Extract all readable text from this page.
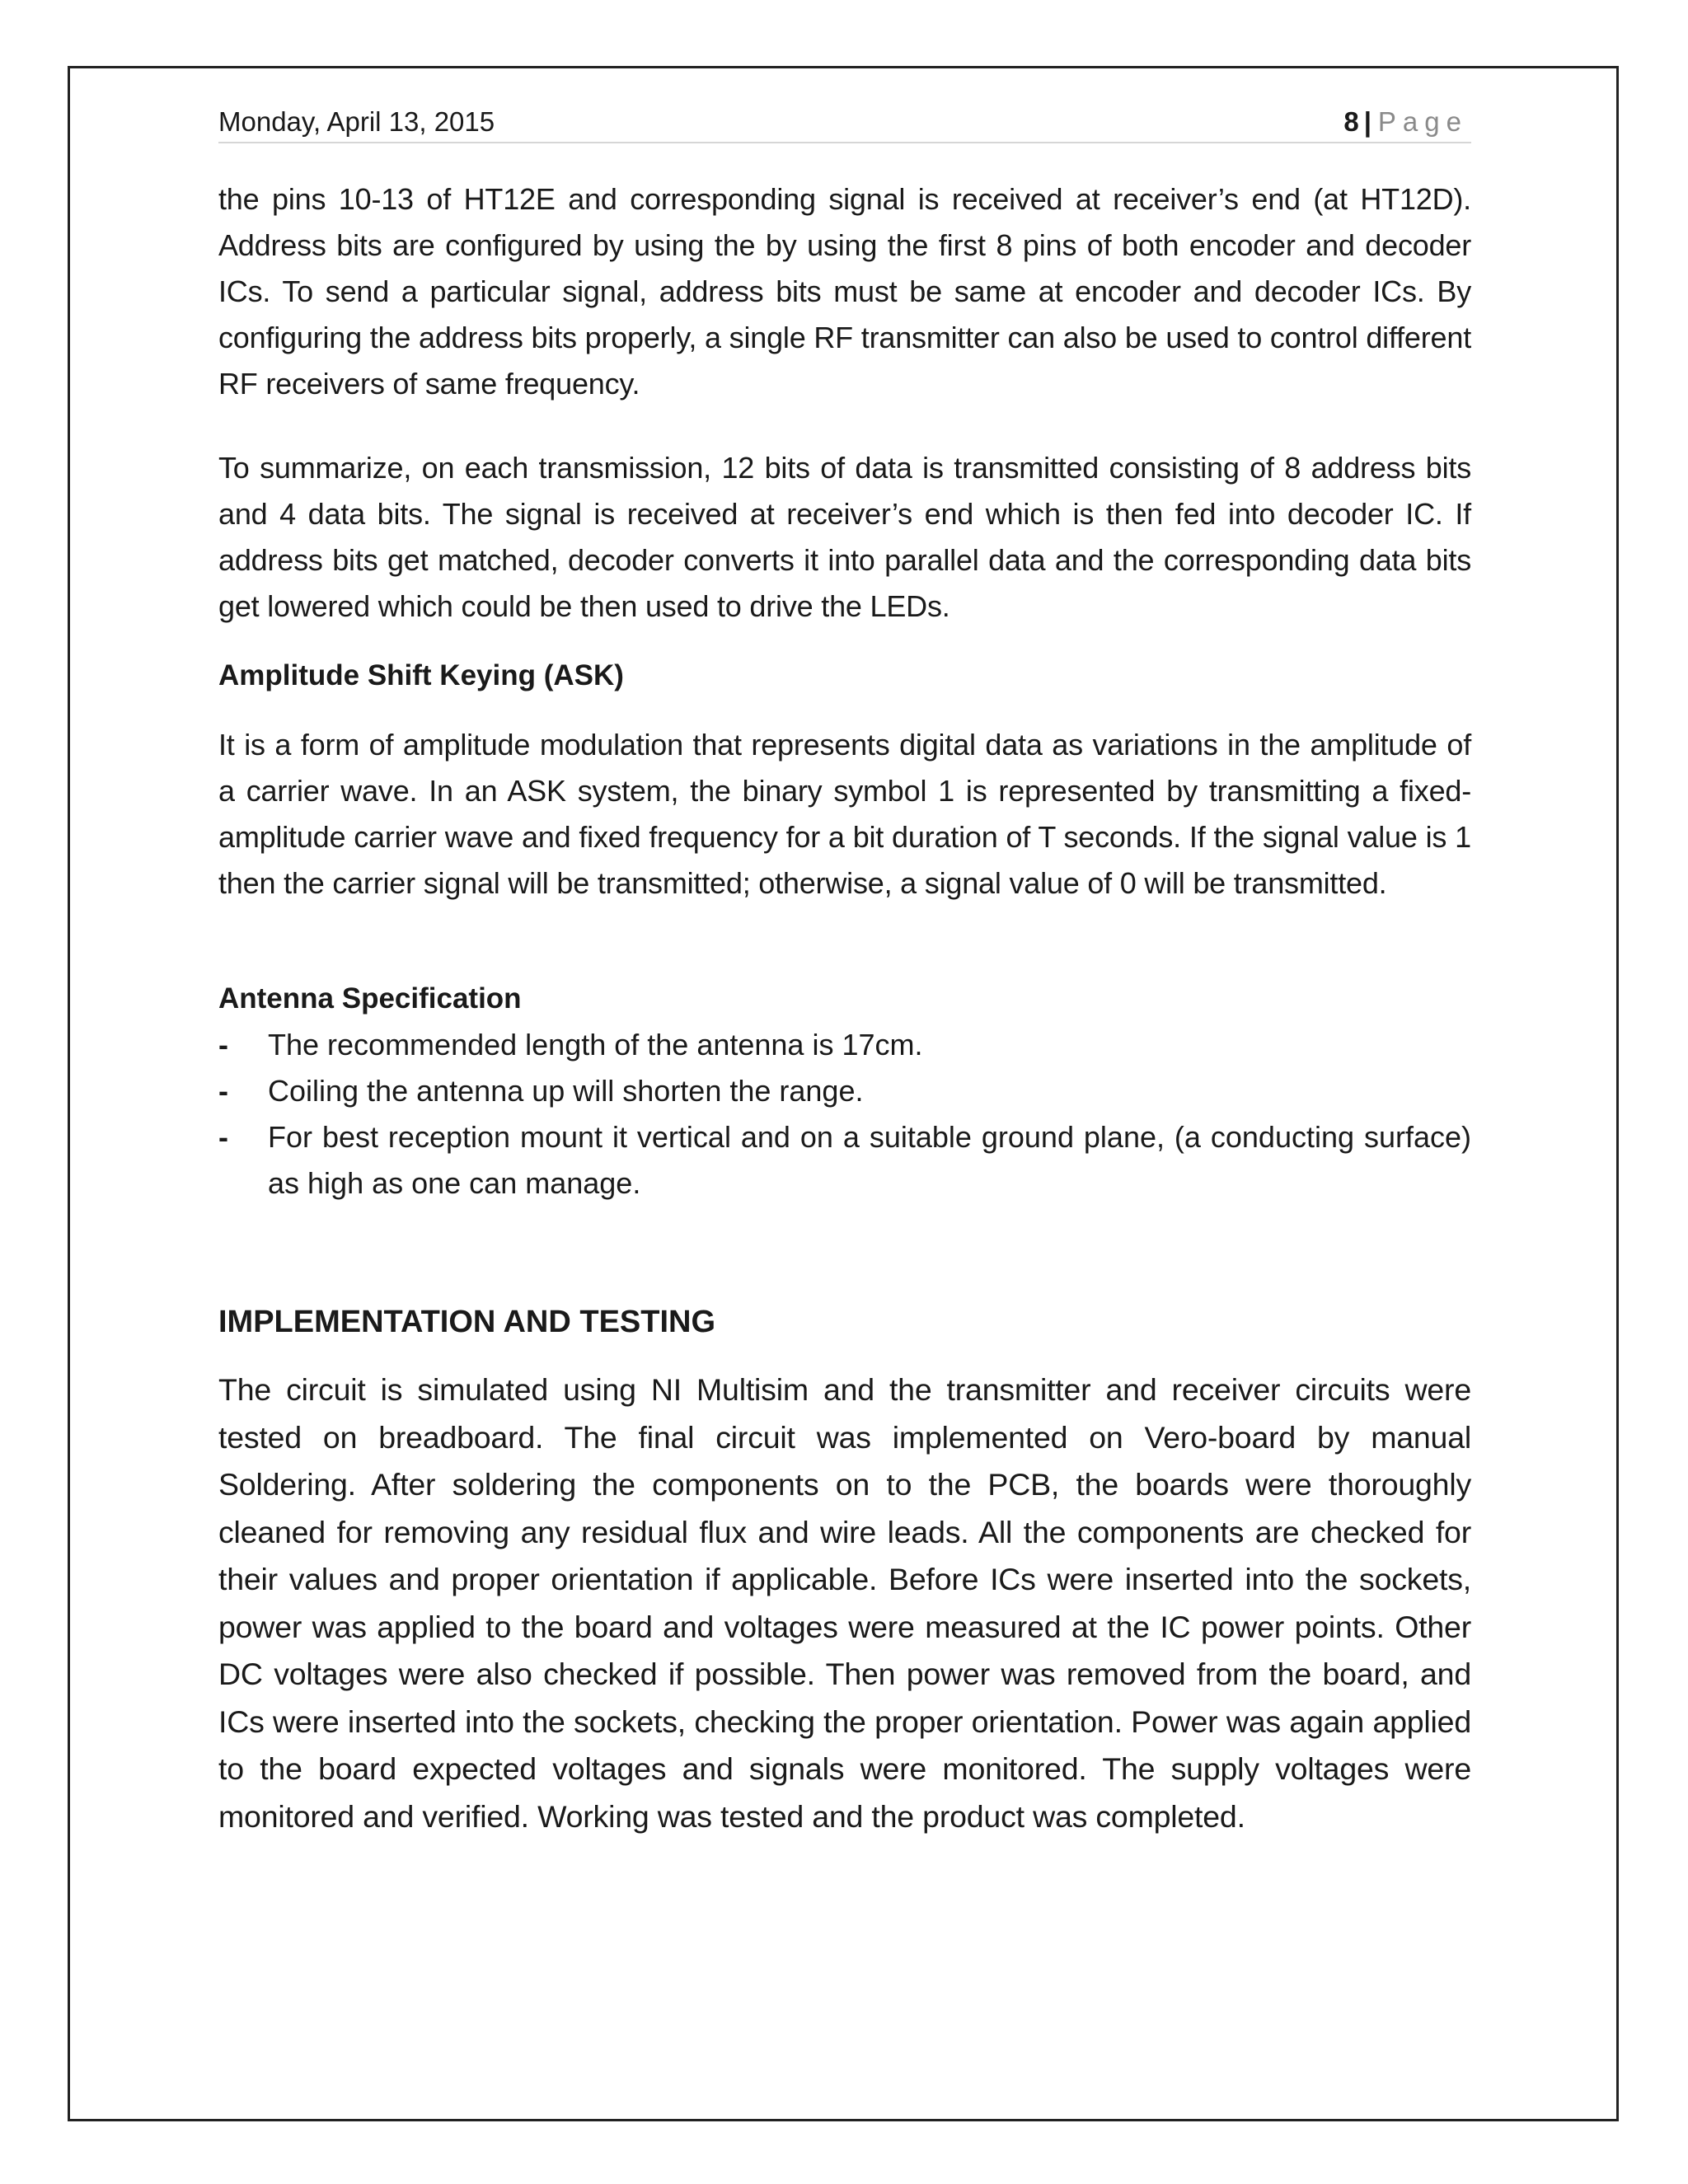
Monday, April 13, 2015	8 | Page

the pins 10-13 of HT12E and corresponding signal is received at receiver’s end (at HT12D). Address bits are configured by using the by using the first 8 pins of both encoder and decoder ICs. To send a particular signal, address bits must be same at encoder and decoder ICs. By configuring the address bits properly, a single RF transmitter can also be used to control different RF receivers of same frequency.

To summarize, on each transmission, 12 bits of data is transmitted consisting of 8 address bits and 4 data bits. The signal is received at receiver’s end which is then fed into decoder IC. If address bits get matched, decoder converts it into parallel data and the corresponding data bits get lowered which could be then used to drive the LEDs.

Amplitude Shift Keying (ASK)

It is a form of amplitude modulation that represents digital data as variations in the amplitude of a carrier wave. In an ASK system, the binary symbol 1 is represented by transmitting a fixed-amplitude carrier wave and fixed frequency for a bit duration of T seconds. If the signal value is 1 then the carrier signal will be transmitted; otherwise, a signal value of 0 will be transmitted.

Antenna Specification
- The recommended length of the antenna is 17cm.
- Coiling the antenna up will shorten the range.
- For best reception mount it vertical and on a suitable ground plane, (a conducting surface) as high as one can manage.
IMPLEMENTATION AND TESTING

The circuit is simulated using NI Multisim and the transmitter and receiver circuits were tested on breadboard. The final circuit was implemented on Vero-board by manual Soldering. After soldering the components on to the PCB, the boards were thoroughly cleaned for removing any residual flux and wire leads. All the components are checked for their values and proper orientation if applicable. Before ICs were inserted into the sockets, power was applied to the board and voltages were measured at the IC power points. Other DC voltages were also checked if possible. Then power was removed from the board, and ICs were inserted into the sockets, checking the proper orientation. Power was again applied to the board expected voltages and signals were monitored. The supply voltages were monitored and verified. Working was tested and the product was completed.
